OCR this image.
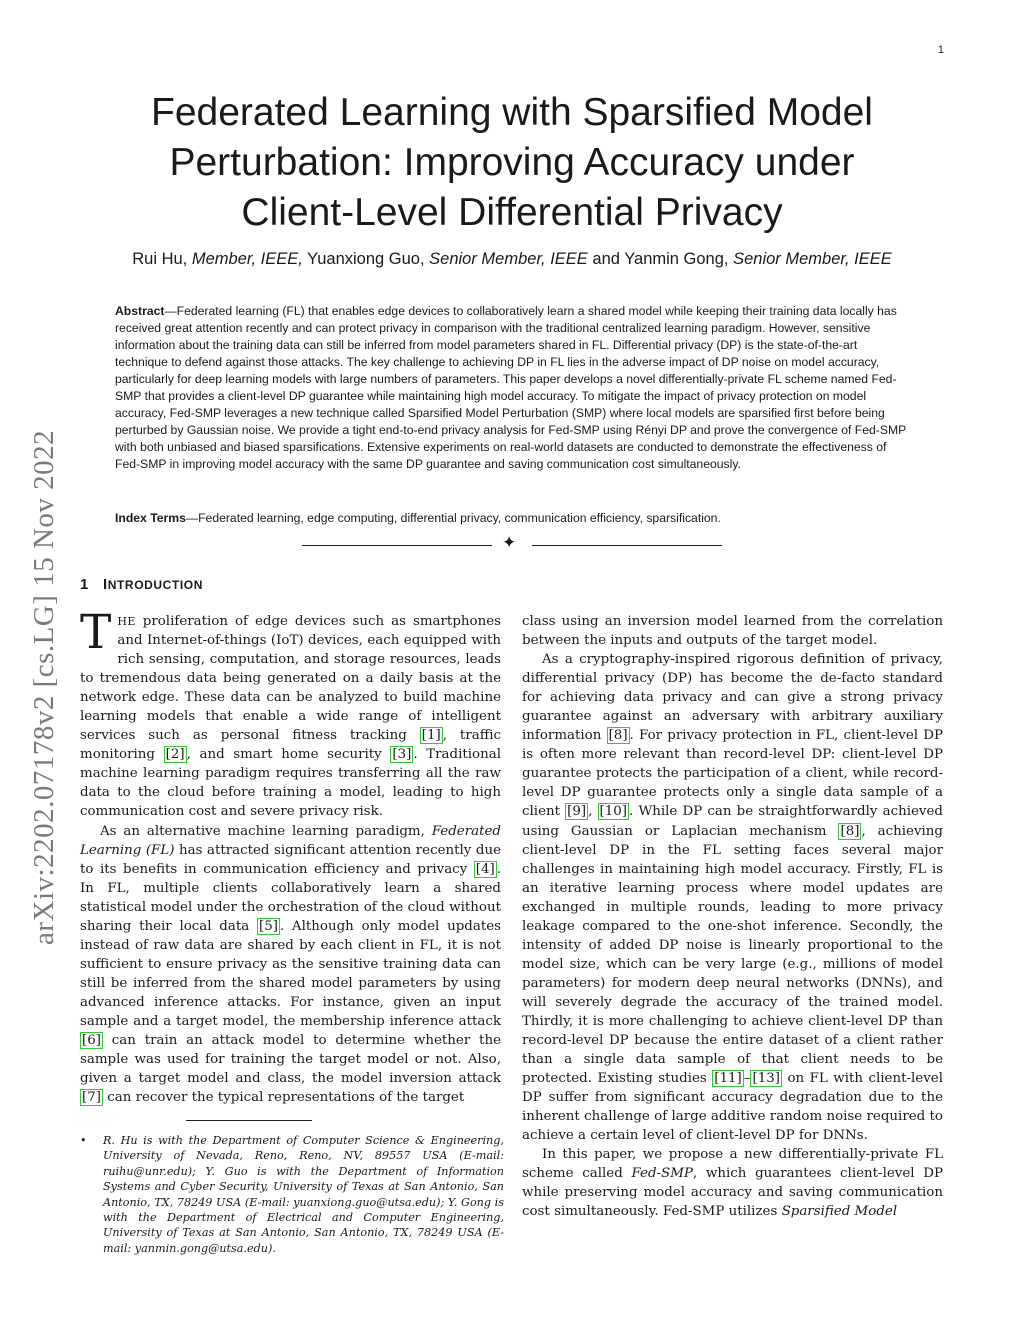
1
arXiv:2202.07178v2 [cs.LG] 15 Nov 2022
Federated Learning with Sparsified Model Perturbation: Improving Accuracy under Client-Level Differential Privacy
Rui Hu, Member, IEEE, Yuanxiong Guo, Senior Member, IEEE and Yanmin Gong, Senior Member, IEEE
Abstract—Federated learning (FL) that enables edge devices to collaboratively learn a shared model while keeping their training data locally has received great attention recently and can protect privacy in comparison with the traditional centralized learning paradigm. However, sensitive information about the training data can still be inferred from model parameters shared in FL. Differential privacy (DP) is the state-of-the-art technique to defend against those attacks. The key challenge to achieving DP in FL lies in the adverse impact of DP noise on model accuracy, particularly for deep learning models with large numbers of parameters. This paper develops a novel differentially-private FL scheme named Fed-SMP that provides a client-level DP guarantee while maintaining high model accuracy. To mitigate the impact of privacy protection on model accuracy, Fed-SMP leverages a new technique called Sparsified Model Perturbation (SMP) where local models are sparsified first before being perturbed by Gaussian noise. We provide a tight end-to-end privacy analysis for Fed-SMP using Rényi DP and prove the convergence of Fed-SMP with both unbiased and biased sparsifications. Extensive experiments on real-world datasets are conducted to demonstrate the effectiveness of Fed-SMP in improving model accuracy with the same DP guarantee and saving communication cost simultaneously.
Index Terms—Federated learning, edge computing, differential privacy, communication efficiency, sparsification.
✦
1 INTRODUCTION

THE proliferation of edge devices such as smartphones and Internet-of-things (IoT) devices, each equipped with rich sensing, computation, and storage resources, leads to tremendous data being generated on a daily basis at the network edge. These data can be analyzed to build machine learning models that enable a wide range of intelligent services such as personal fitness tracking [1] , traffic monitoring [2] , and smart home security [3] . Traditional machine learning paradigm requires transferring all the raw data to the cloud before training a model, leading to high communication cost and severe privacy risk.

As an alternative machine learning paradigm, Federated Learning (FL) has attracted significant attention recently due to its benefits in communication efficiency and privacy [4] . In FL, multiple clients collaboratively learn a shared statistical model under the orchestration of the cloud without sharing their local data [5] . Although only model updates instead of raw data are shared by each client in FL, it is not sufficient to ensure privacy as the sensitive training data can still be inferred from the shared model parameters by using advanced inference attacks. For instance, given an input sample and a target model, the membership inference attack [6] can train an attack model to determine whether the sample was used for training the target model or not. Also, given a target model and class, the model inversion attack [7] can recover the typical representations of the target

• R. Hu is with the Department of Computer Science & Engineering, University of Nevada, Reno, Reno, NV, 89557 USA (E-mail: ruihu@unr.edu); Y. Guo is with the Department of Information Systems and Cyber Security, University of Texas at San Antonio, San Antonio, TX, 78249 USA (E-mail: yuanxiong.guo@utsa.edu); Y. Gong is with the Department of Electrical and Computer Engineering, University of Texas at San Antonio, San Antonio, TX, 78249 USA (E-mail: yanmin.gong@utsa.edu).

class using an inversion model learned from the correlation between the inputs and outputs of the target model.

As a cryptography-inspired rigorous definition of privacy, differential privacy (DP) has become the de-facto standard for achieving data privacy and can give a strong privacy guarantee against an adversary with arbitrary auxiliary information [8] . For privacy protection in FL, client-level DP is often more relevant than record-level DP: client-level DP guarantee protects the participation of a client, while record-level DP guarantee protects only a single data sample of a client [9] , [10] . While DP can be straightforwardly achieved using Gaussian or Laplacian mechanism [8] , achieving client-level DP in the FL setting faces several major challenges in maintaining high model accuracy. Firstly, FL is an iterative learning process where model updates are exchanged in multiple rounds, leading to more privacy leakage compared to the one-shot inference. Secondly, the intensity of added DP noise is linearly proportional to the model size, which can be very large (e.g., millions of model parameters) for modern deep neural networks (DNNs), and will severely degrade the accuracy of the trained model. Thirdly, it is more challenging to achieve client-level DP than record-level DP because the entire dataset of a client rather than a single data sample of that client needs to be protected. Existing studies [11] – [13] on FL with client-level DP suffer from significant accuracy degradation due to the inherent challenge of large additive random noise required to achieve a certain level of client-level DP for DNNs.

In this paper, we propose a new differentially-private FL scheme called Fed-SMP, which guarantees client-level DP while preserving model accuracy and saving communication cost simultaneously. Fed-SMP utilizes Sparsified Model
